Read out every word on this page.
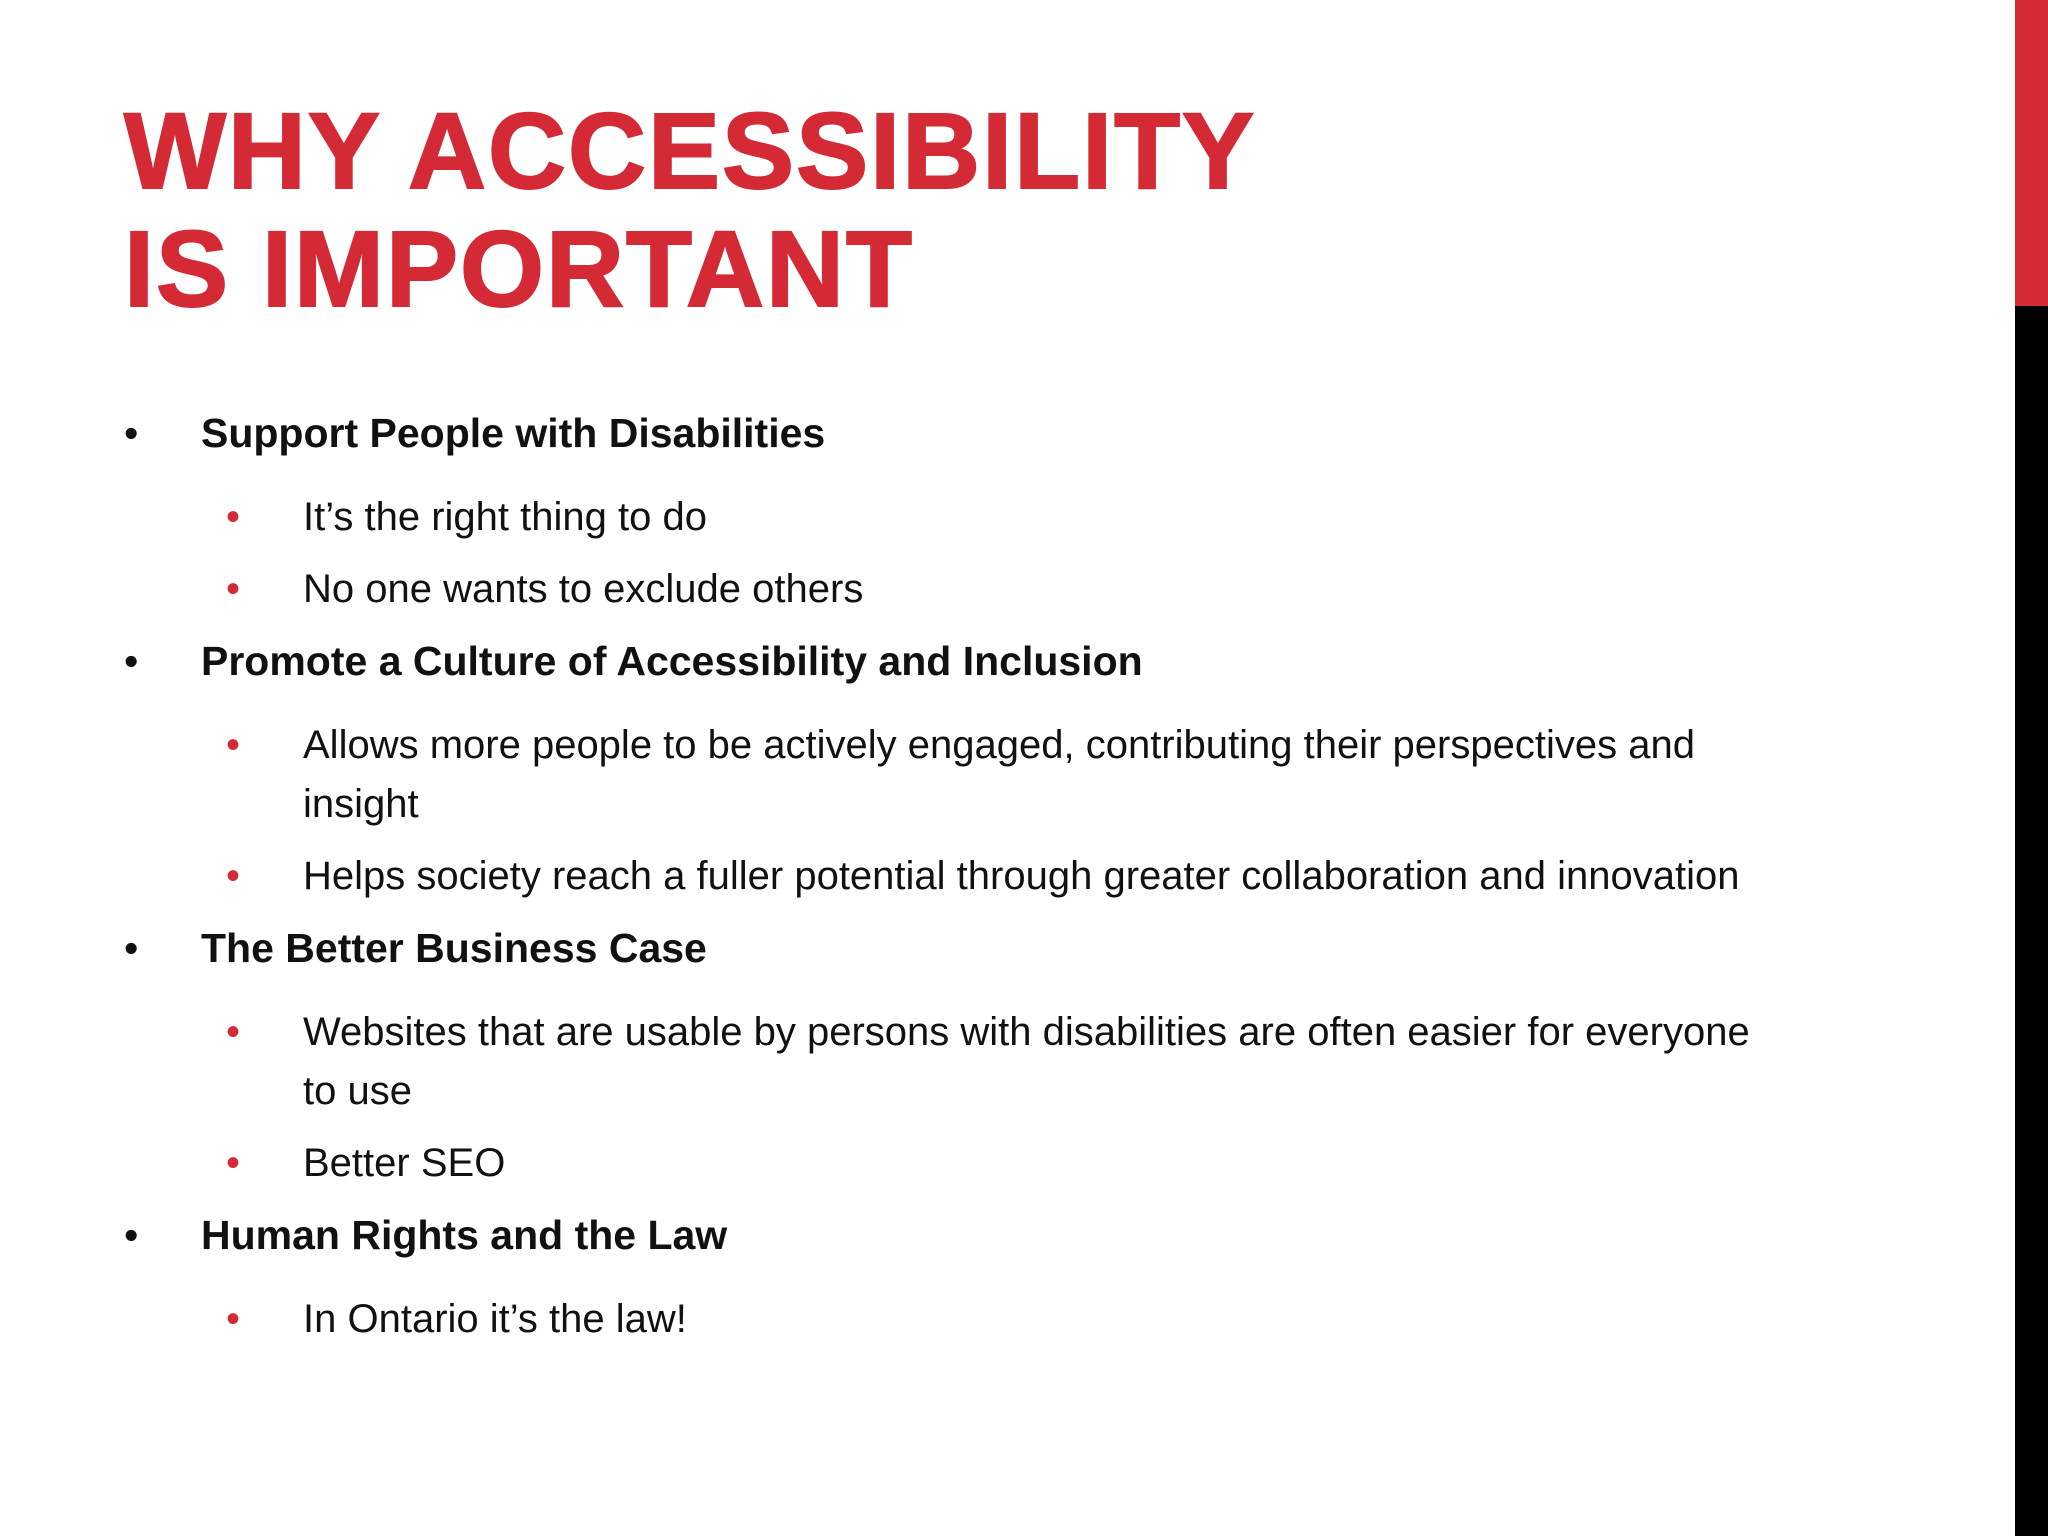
WHY ACCESSIBILITY
IS IMPORTANT
• Support People with Disabilities
• It’s the right thing to do
• No one wants to exclude others
• Promote a Culture of Accessibility and Inclusion
• Allows more people to be actively engaged, contributing their perspectives and insight
• Helps society reach a fuller potential through greater collaboration and innovation
• The Better Business Case
• Websites that are usable by persons with disabilities are often easier for everyone to use
• Better SEO
• Human Rights and the Law
• In Ontario it’s the law!
